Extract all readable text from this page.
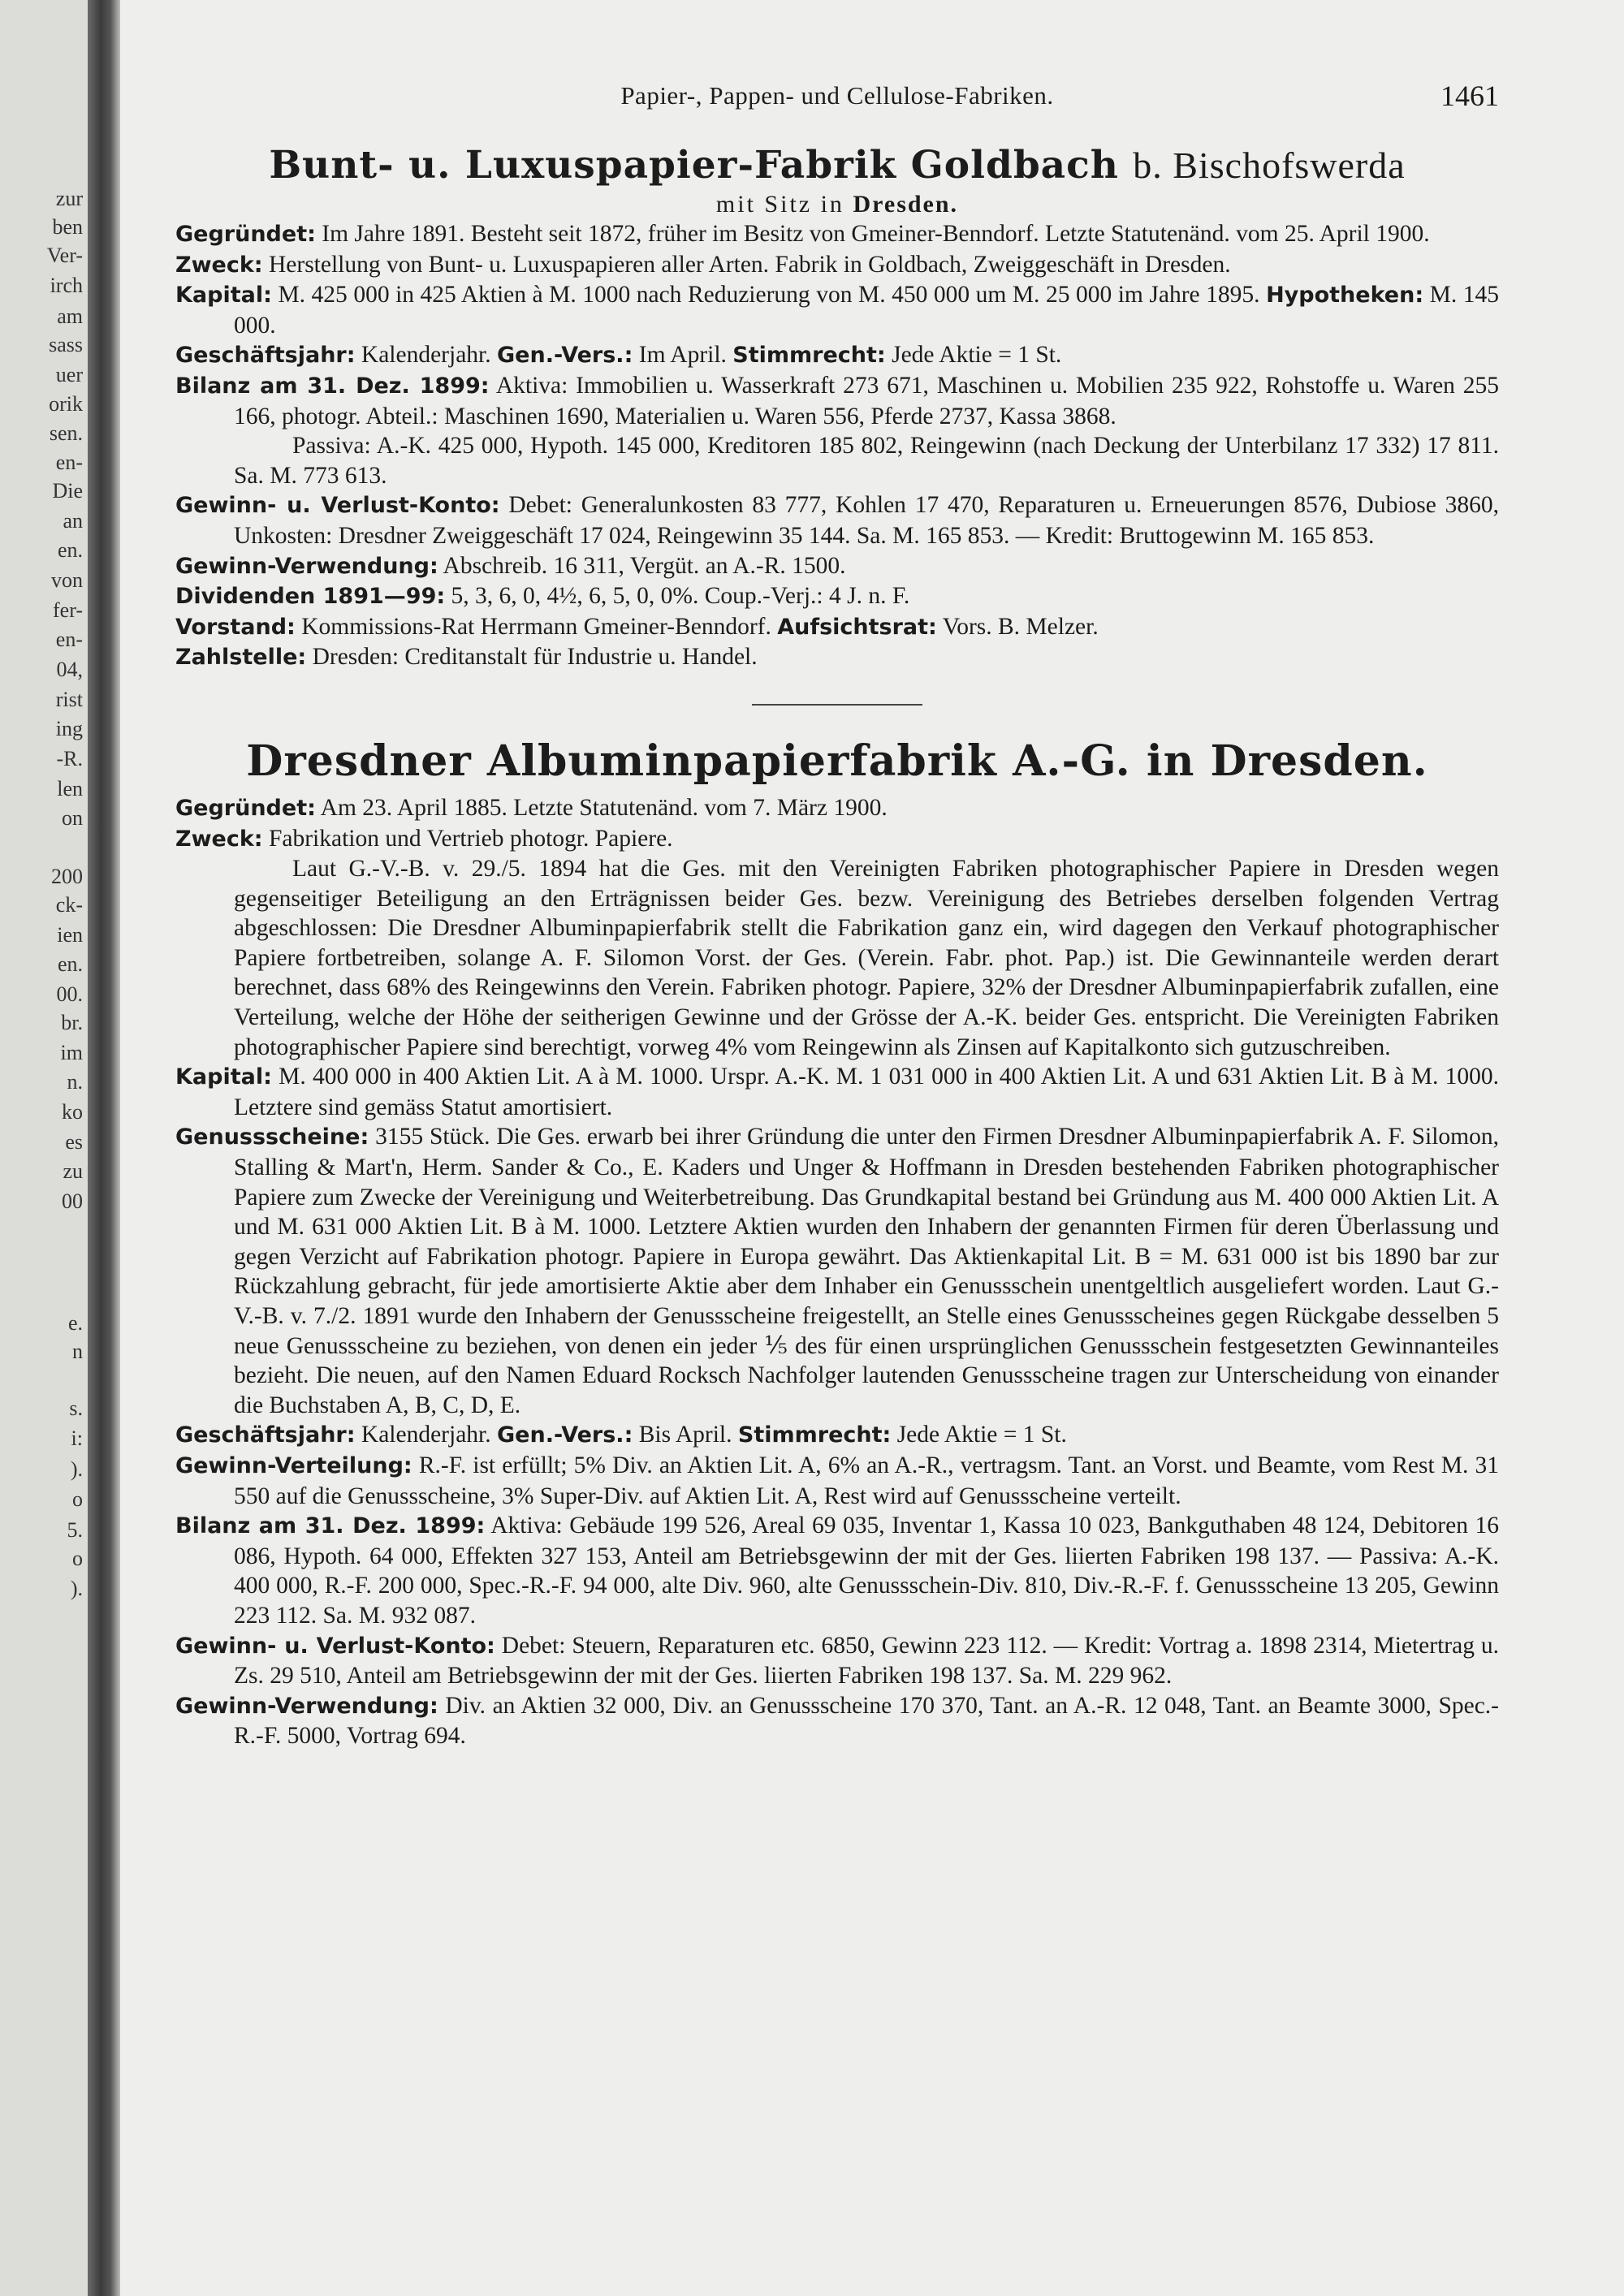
zur
ben
Ver-
irch
am
sass
uer
orik
sen.
en-
Die
an
en.
von
fer-
en-
04,
rist
ing
-R.
len
on
200
ck-
ien
en.
00.
br.
im
n.
ko
es
zu
00
e.
n
s.
i:
).
o
5.
o
).
Papier-, Pappen- und Cellulose-Fabriken.	1461
Bunt- u. Luxuspapier-Fabrik Goldbach b. Bischofswerda
mit Sitz in Dresden.

Gegründet: Im Jahre 1891. Besteht seit 1872, früher im Besitz von Gmeiner-Benndorf. Letzte Statutenänd. vom 25. April 1900.

Zweck: Herstellung von Bunt- u. Luxuspapieren aller Arten. Fabrik in Goldbach, Zweiggeschäft in Dresden.

Kapital: M. 425 000 in 425 Aktien à M. 1000 nach Reduzierung von M. 450 000 um M. 25 000 im Jahre 1895. Hypotheken: M. 145 000.

Geschäftsjahr: Kalenderjahr. Gen.-Vers.: Im April. Stimmrecht: Jede Aktie = 1 St.

Bilanz am 31. Dez. 1899: Aktiva: Immobilien u. Wasserkraft 273 671, Maschinen u. Mobilien 235 922, Rohstoffe u. Waren 255 166, photogr. Abteil.: Maschinen 1690, Materialien u. Waren 556, Pferde 2737, Kassa 3868.

Passiva: A.-K. 425 000, Hypoth. 145 000, Kreditoren 185 802, Reingewinn (nach Deckung der Unterbilanz 17 332) 17 811. Sa. M. 773 613.

Gewinn- u. Verlust-Konto: Debet: Generalunkosten 83 777, Kohlen 17 470, Reparaturen u. Erneuerungen 8576, Dubiose 3860, Unkosten: Dresdner Zweiggeschäft 17 024, Reingewinn 35 144. Sa. M. 165 853. — Kredit: Bruttogewinn M. 165 853.

Gewinn-Verwendung: Abschreib. 16 311, Vergüt. an A.-R. 1500.

Dividenden 1891—99: 5, 3, 6, 0, 4½, 6, 5, 0, 0%. Coup.-Verj.: 4 J. n. F.

Vorstand: Kommissions-Rat Herrmann Gmeiner-Benndorf. Aufsichtsrat: Vors. B. Melzer.

Zahlstelle: Dresden: Creditanstalt für Industrie u. Handel.

Dresdner Albuminpapierfabrik A.-G. in Dresden.

Gegründet: Am 23. April 1885. Letzte Statutenänd. vom 7. März 1900.

Zweck: Fabrikation und Vertrieb photogr. Papiere.

Laut G.-V.-B. v. 29./5. 1894 hat die Ges. mit den Vereinigten Fabriken photographischer Papiere in Dresden wegen gegenseitiger Beteiligung an den Erträgnissen beider Ges. bezw. Vereinigung des Betriebes derselben folgenden Vertrag abgeschlossen: Die Dresdner Albuminpapierfabrik stellt die Fabrikation ganz ein, wird dagegen den Verkauf photographischer Papiere fortbetreiben, solange A. F. Silomon Vorst. der Ges. (Verein. Fabr. phot. Pap.) ist. Die Gewinnanteile werden derart berechnet, dass 68% des Reingewinns den Verein. Fabriken photogr. Papiere, 32% der Dresdner Albuminpapierfabrik zufallen, eine Verteilung, welche der Höhe der seitherigen Gewinne und der Grösse der A.-K. beider Ges. entspricht. Die Vereinigten Fabriken photographischer Papiere sind berechtigt, vorweg 4% vom Reingewinn als Zinsen auf Kapitalkonto sich gutzuschreiben.

Kapital: M. 400 000 in 400 Aktien Lit. A à M. 1000. Urspr. A.-K. M. 1 031 000 in 400 Aktien Lit. A und 631 Aktien Lit. B à M. 1000. Letztere sind gemäss Statut amortisiert.

Genussscheine: 3155 Stück. Die Ges. erwarb bei ihrer Gründung die unter den Firmen Dresdner Albuminpapierfabrik A. F. Silomon, Stalling & Mart'n, Herm. Sander & Co., E. Kaders und Unger & Hoffmann in Dresden bestehenden Fabriken photographischer Papiere zum Zwecke der Vereinigung und Weiterbetreibung. Das Grundkapital bestand bei Gründung aus M. 400 000 Aktien Lit. A und M. 631 000 Aktien Lit. B à M. 1000. Letztere Aktien wurden den Inhabern der genannten Firmen für deren Überlassung und gegen Verzicht auf Fabrikation photogr. Papiere in Europa gewährt. Das Aktienkapital Lit. B = M. 631 000 ist bis 1890 bar zur Rückzahlung gebracht, für jede amortisierte Aktie aber dem Inhaber ein Genussschein unentgeltlich ausgeliefert worden. Laut G.-V.-B. v. 7./2. 1891 wurde den Inhabern der Genussscheine freigestellt, an Stelle eines Genussscheines gegen Rückgabe desselben 5 neue Genussscheine zu beziehen, von denen ein jeder ⅕ des für einen ursprünglichen Genussschein festgesetzten Gewinnanteiles bezieht. Die neuen, auf den Namen Eduard Rocksch Nachfolger lautenden Genussscheine tragen zur Unterscheidung von einander die Buchstaben A, B, C, D, E.

Geschäftsjahr: Kalenderjahr. Gen.-Vers.: Bis April. Stimmrecht: Jede Aktie = 1 St.

Gewinn-Verteilung: R.-F. ist erfüllt; 5% Div. an Aktien Lit. A, 6% an A.-R., vertragsm. Tant. an Vorst. und Beamte, vom Rest M. 31 550 auf die Genussscheine, 3% Super-Div. auf Aktien Lit. A, Rest wird auf Genussscheine verteilt.

Bilanz am 31. Dez. 1899: Aktiva: Gebäude 199 526, Areal 69 035, Inventar 1, Kassa 10 023, Bankguthaben 48 124, Debitoren 16 086, Hypoth. 64 000, Effekten 327 153, Anteil am Betriebsgewinn der mit der Ges. liierten Fabriken 198 137. — Passiva: A.-K. 400 000, R.-F. 200 000, Spec.-R.-F. 94 000, alte Div. 960, alte Genussschein-Div. 810, Div.-R.-F. f. Genussscheine 13 205, Gewinn 223 112. Sa. M. 932 087.

Gewinn- u. Verlust-Konto: Debet: Steuern, Reparaturen etc. 6850, Gewinn 223 112. — Kredit: Vortrag a. 1898 2314, Mietertrag u. Zs. 29 510, Anteil am Betriebsgewinn der mit der Ges. liierten Fabriken 198 137. Sa. M. 229 962.

Gewinn-Verwendung: Div. an Aktien 32 000, Div. an Genussscheine 170 370, Tant. an A.-R. 12 048, Tant. an Beamte 3000, Spec.-R.-F. 5000, Vortrag 694.
